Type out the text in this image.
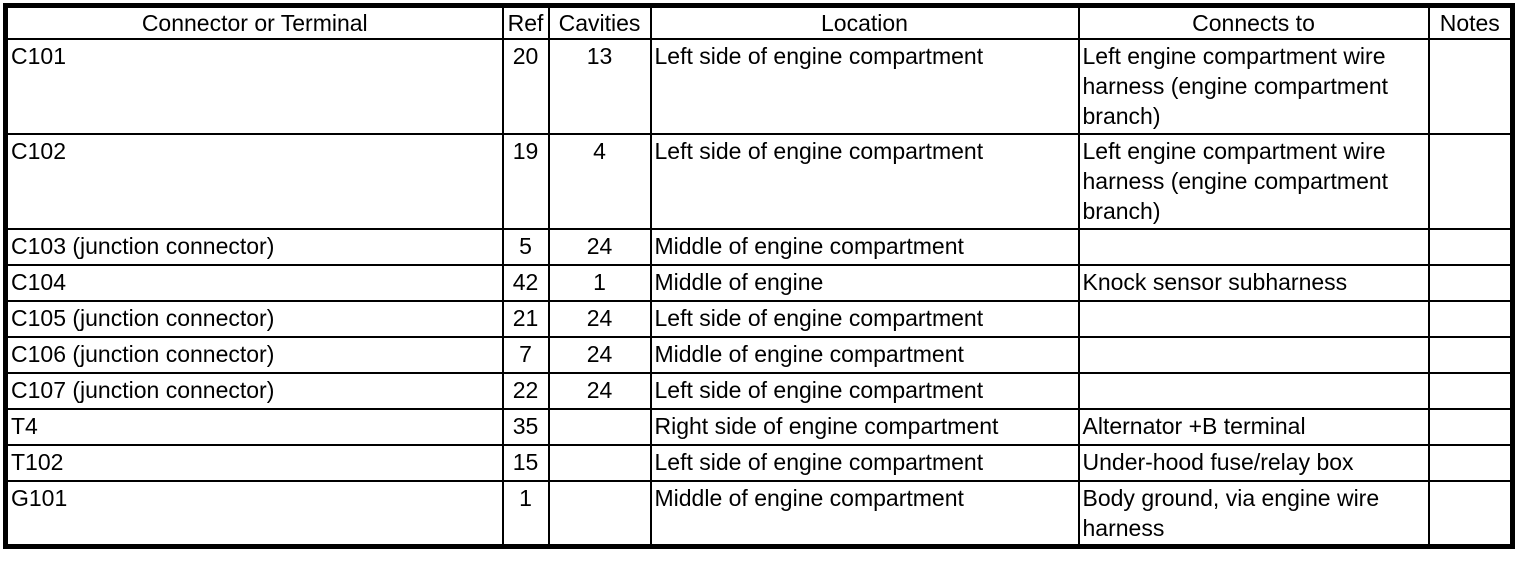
Connector or Terminal	Ref	Cavities	Location	Connects to	Notes
C101	20	13	Left side of engine compartment	Left engine compartment wire harness (engine compartment branch)	
C102	19	4	Left side of engine compartment	Left engine compartment wire harness (engine compartment branch)	
C103 (junction connector)	5	24	Middle of engine compartment		
C104	42	1	Middle of engine	Knock sensor subharness	
C105 (junction connector)	21	24	Left side of engine compartment		
C106 (junction connector)	7	24	Middle of engine compartment		
C107 (junction connector)	22	24	Left side of engine compartment		
T4	35		Right side of engine compartment	Alternator +B terminal	
T102	15		Left side of engine compartment	Under-hood fuse/relay box	
G101	1		Middle of engine compartment	Body ground, via engine wire harness	
